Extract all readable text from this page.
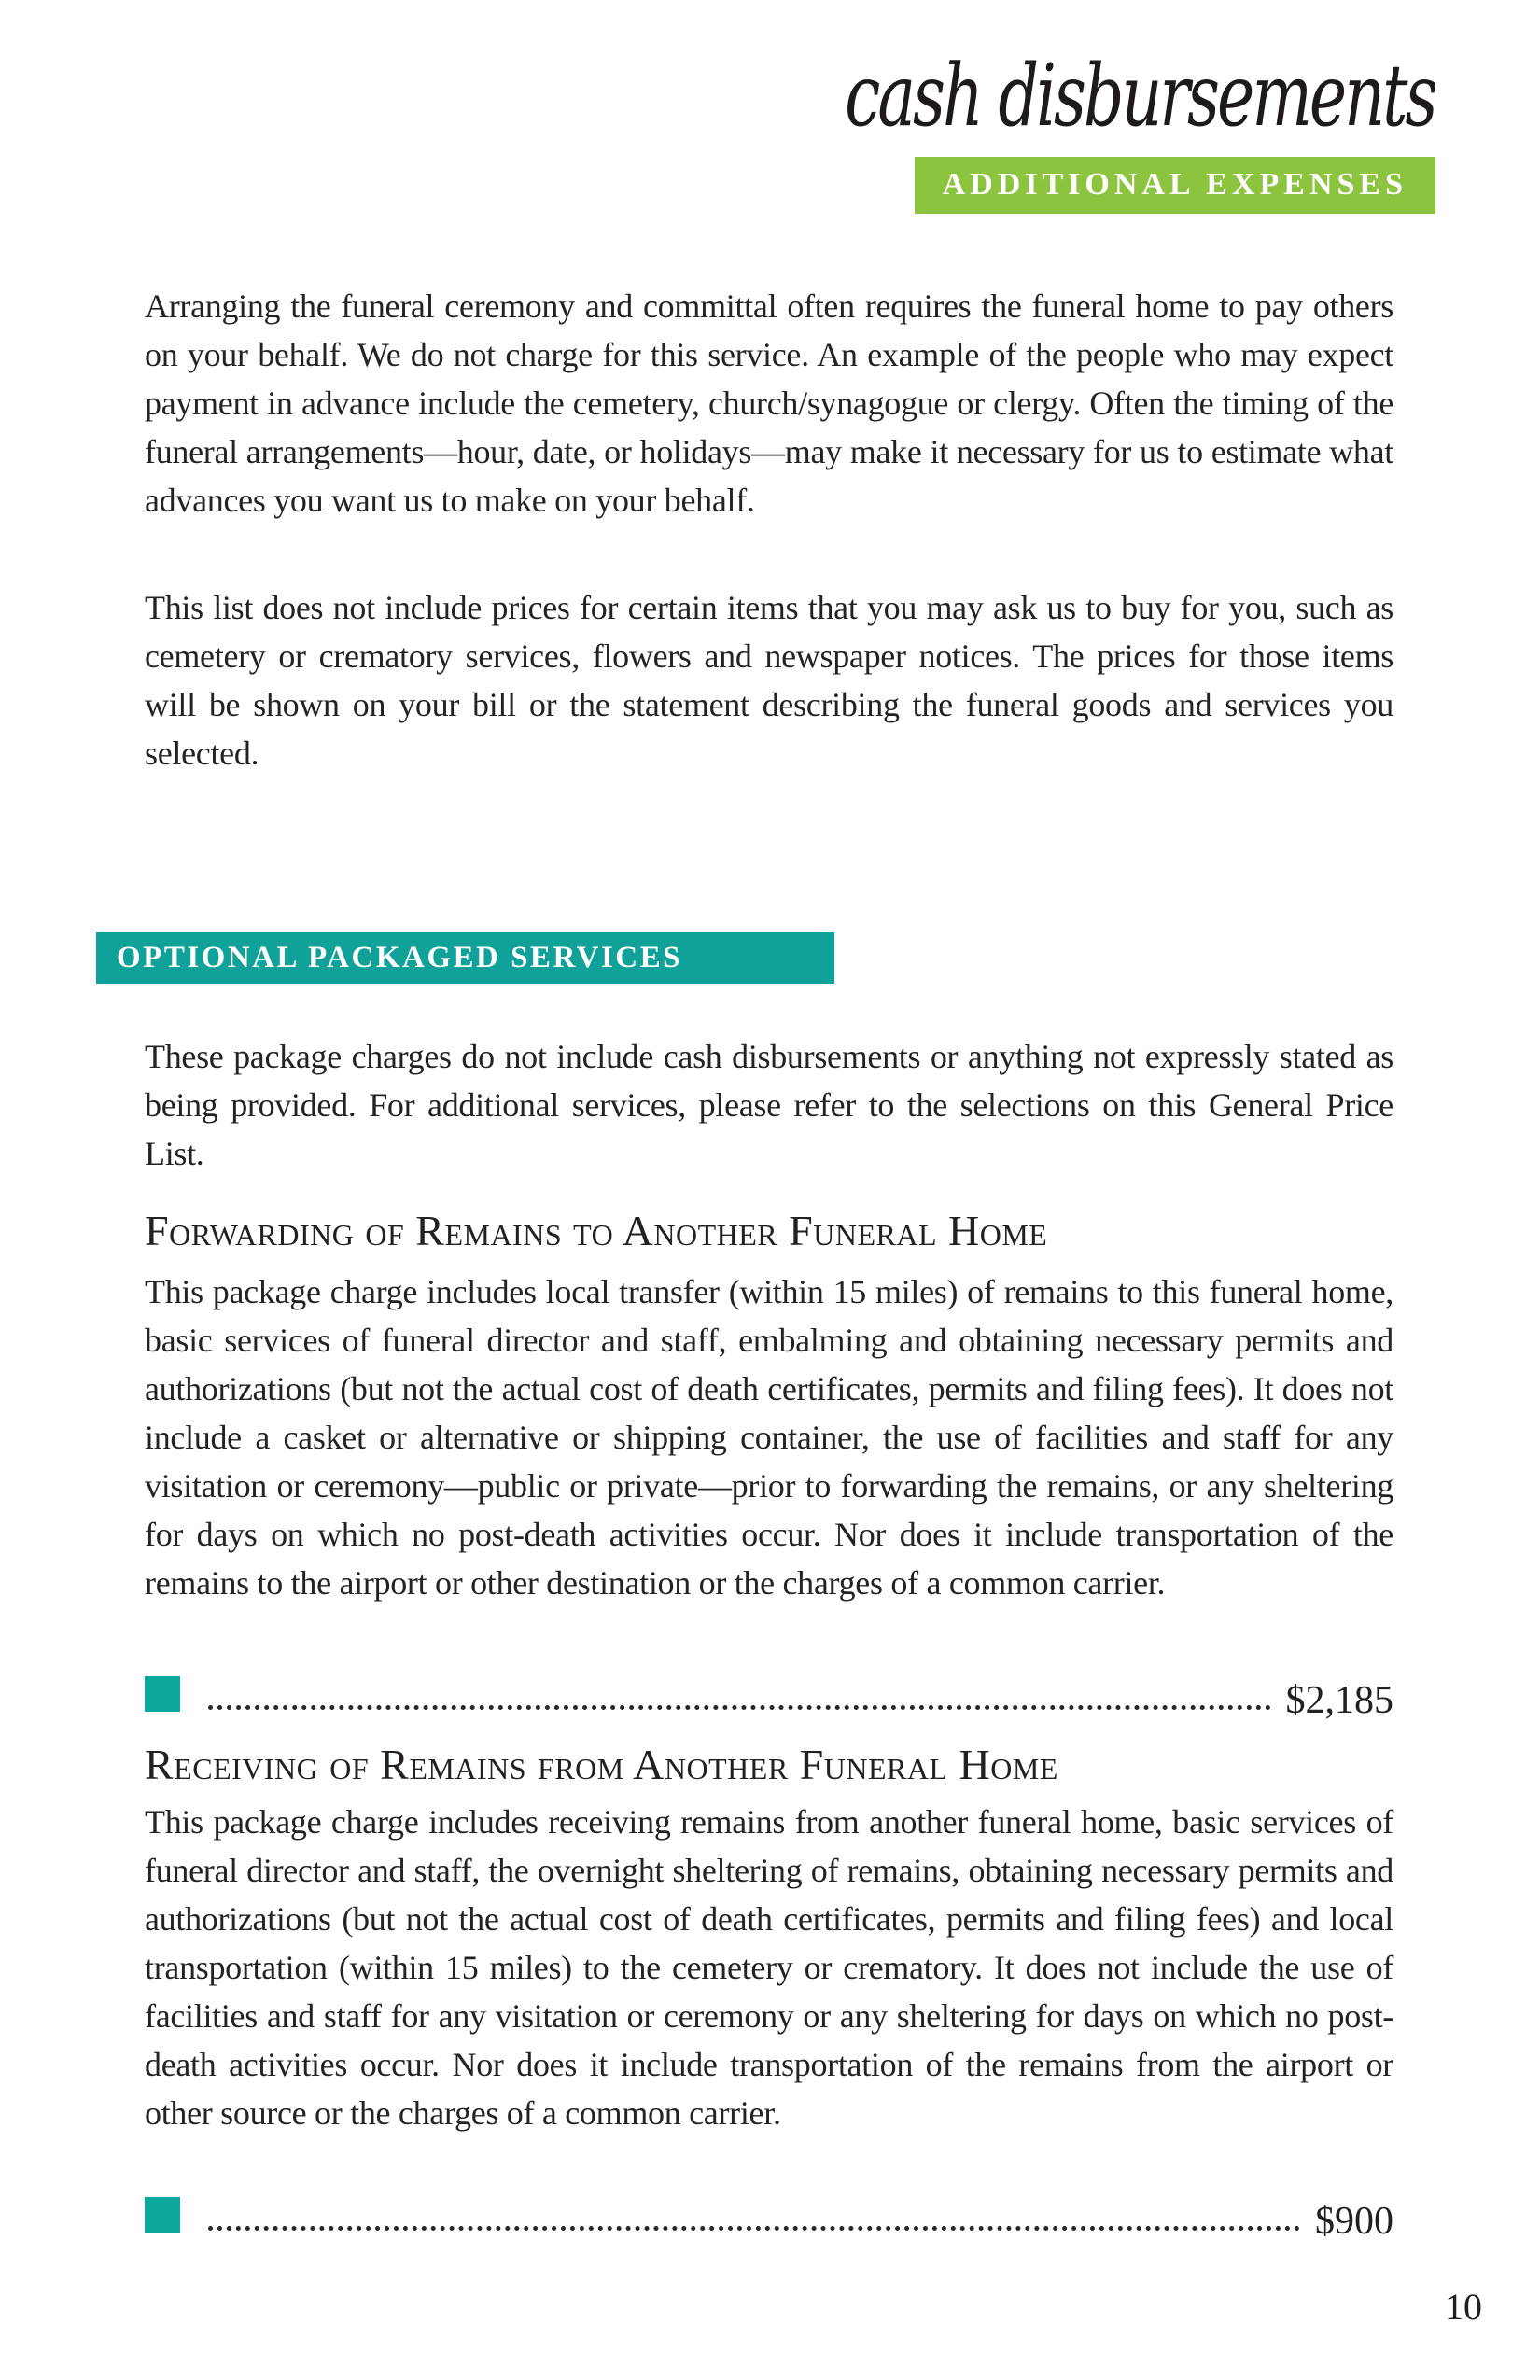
cash disbursements
ADDITIONAL EXPENSES

Arranging the funeral ceremony and committal often requires the funeral home to pay others on your behalf. We do not charge for this service. An example of the people who may expect payment in advance include the cemetery, church/synagogue or clergy. Often the timing of the funeral arrangements—hour, date, or holidays—may make it necessary for us to estimate what advances you want us to make on your behalf.

This list does not include prices for certain items that you may ask us to buy for you, such as cemetery or crematory services, flowers and newspaper notices. The prices for those items will be shown on your bill or the statement describing the funeral goods and services you selected.

OPTIONAL PACKAGED SERVICES

These package charges do not include cash disbursements or anything not expressly stated as being provided. For additional services, please refer to the selections on this General Price List.

Forwarding of Remains to Another Funeral Home

This package charge includes local transfer (within 15 miles) of remains to this funeral home, basic services of funeral director and staff, embalming and obtaining necessary permits and authorizations (but not the actual cost of death certificates, permits and filing fees). It does not include a casket or alternative or shipping container, the use of facilities and staff for any visitation or ceremony—public or private—prior to forwarding the remains, or any sheltering for days on which no post-death activities occur. Nor does it include transportation of the remains to the airport or other destination or the charges of a common carrier.

$2,185
Receiving of Remains from Another Funeral Home

This package charge includes receiving remains from another funeral home, basic services of funeral director and staff, the overnight sheltering of remains, obtaining necessary permits and authorizations (but not the actual cost of death certificates, permits and filing fees) and local transportation (within 15 miles) to the cemetery or crematory. It does not include the use of facilities and staff for any visitation or ceremony or any sheltering for days on which no post-death activities occur. Nor does it include transportation of the remains from the airport or other source or the charges of a common carrier.

$900
10
